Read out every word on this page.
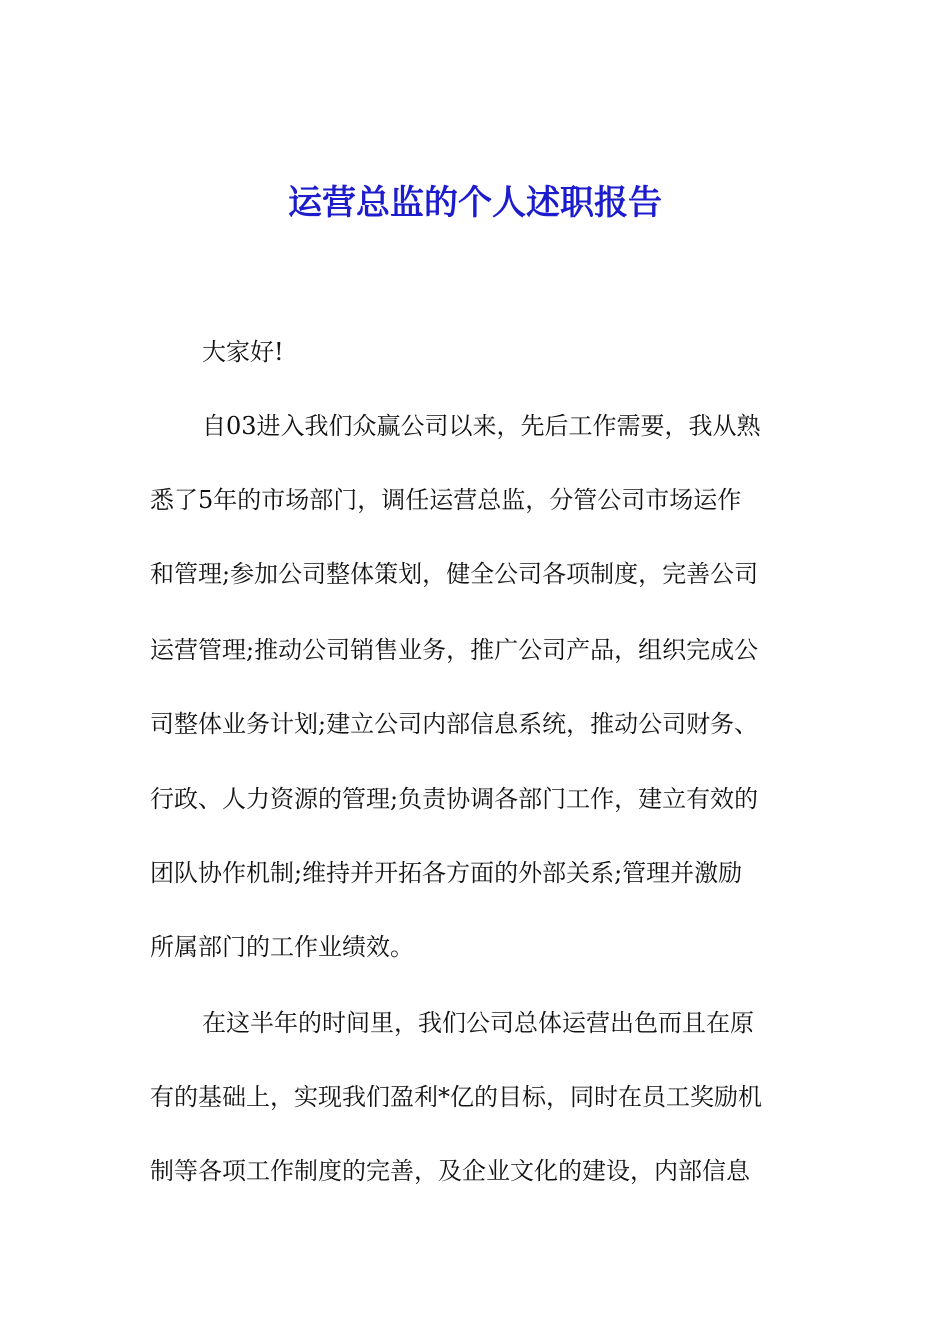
运营总监的个人述职报告
大家好!
自03进入我们众赢公司以来，先后工作需要，我从熟
悉了5年的市场部门，调任运营总监，分管公司市场运作
和管理;参加公司整体策划，健全公司各项制度，完善公司
运营管理;推动公司销售业务，推广公司产品，组织完成公
司整体业务计划;建立公司内部信息系统，推动公司财务、
行政、人力资源的管理;负责协调各部门工作，建立有效的
团队协作机制;维持并开拓各方面的外部关系;管理并激励
所属部门的工作业绩效。
在这半年的时间里，我们公司总体运营出色而且在原
有的基础上，实现我们盈利*亿的目标，同时在员工奖励机
制等各项工作制度的完善，及企业文化的建设，内部信息
